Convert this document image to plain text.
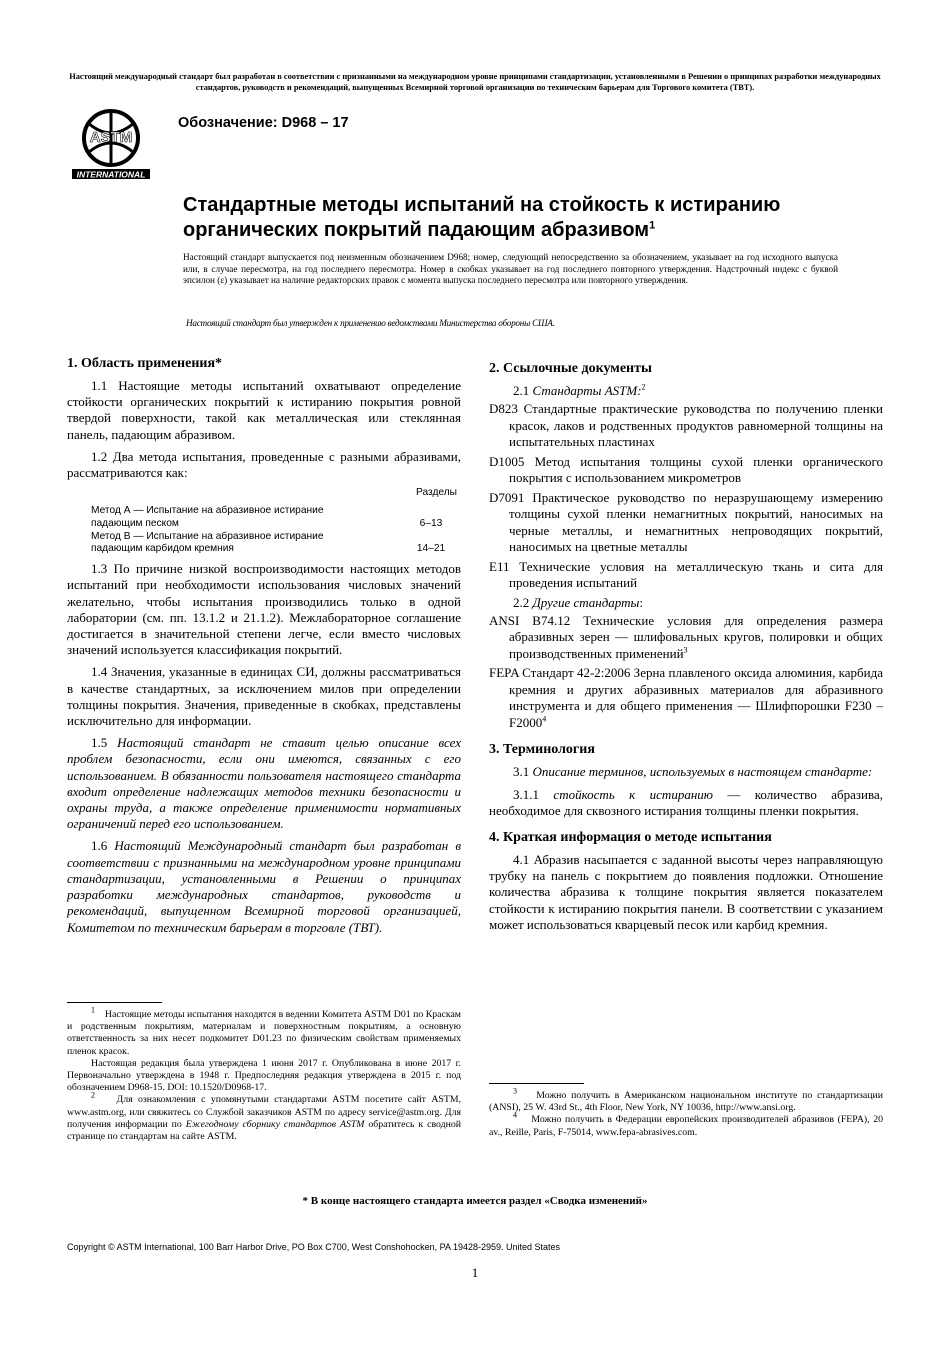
Настоящий международный стандарт был разработан в соответствии с признанными на международном уровне принципами стандартизации, установленными в Решении о принципах разработки международных стандартов, руководств и рекомендаций, выпущенных Всемирной торговой организации по техническим барьерам для Торгового комитета (ТВТ).
ASTM
INTERNATIONAL
Обозначение: D968 – 17
Стандартные методы испытаний на стойкость к истиранию органических покрытий падающим абразивом$^1$
Настоящий стандарт выпускается под неизменным обозначением D968; номер, следующий непосредственно за обозначением, указывает на год исходного выпуска или, в случае пересмотра, на год последнего пересмотра. Номер в скобках указывает на год последнего повторного утверждения. Надстрочный индекс с буквой эпсилон (ε) указывает на наличие редакторских правок с момента выпуска последнего пересмотра или повторного утверждения.
Настоящий стандарт был утвержден к применению ведомствами Министерства обороны США.
1. Область применения*

1.1 Настоящие методы испытаний охватывают определение стойкости органических покрытий к истиранию покрытия ровной твердой поверхности, такой как металлическая или стеклянная панель, падающим абразивом.

1.2 Два метода испытания, проведенные с разными абразивами, рассматриваются как:

Разделы
Метод А — Испытание на абразивное истирание падающим песком	6–13
Метод В — Испытание на абразивное истирание падающим карбидом кремния	14–21

1.3 По причине низкой воспроизводимости настоящих методов испытаний при необходимости использования числовых значений желательно, чтобы испытания производились только в одной лаборатории (см. пп. 13.1.2 и 21.1.2). Межлабораторное соглашение достигается в значительной степени легче, если вместо числовых значений используется классификация покрытий.

1.4 Значения, указанные в единицах СИ, должны рассматриваться в качестве стандартных, за исключением милов при определении толщины покрытия. Значения, приведенные в скобках, представлены исключительно для информации.

1.5 Настоящий стандарт не ставит целью описание всех проблем безопасности, если они имеются, связанных с его использованием. В обязанности пользователя настоящего стандарта входит определение надлежащих методов техники безопасности и охраны труда, а также определение применимости нормативных ограничений перед его использованием.

1.6 Настоящий Международный стандарт был разработан в соответствии с признанными на международном уровне принципами стандартизации, установленными в Решении о принципах разработки международных стандартов, руководств и рекомендаций, выпущенном Всемирной торговой организацией, Комитетом по техническим барьерам в торговле (ТВТ).

$^1$ Настоящие методы испытания находятся в ведении Комитета ASTM D01 по Краскам и родственным покрытиям, материалам и поверхностным покрытиям, а основную ответственность за них несет подкомитет D01.23 по физическим свойствам применяемых пленок красок.

Настоящая редакция была утверждена 1 июня 2017 г. Опубликована в июне 2017 г. Первоначально утверждена в 1948 г. Предпоследняя редакция утверждена в 2015 г. под обозначением D968-15. DOI: 10.1520/D0968-17.

$^2$ Для ознакомления с упомянутыми стандартами ASTM посетите сайт ASTM, www.astm.org, или свяжитесь со Службой заказчиков ASTM по адресу service@astm.org. Для получения информации по Ежегодному сборнику стандартов ASTM обратитесь к сводной странице по стандартам на сайте ASTM.

2. Ссылочные документы

2.1 Стандарты ASTM:$^2$

D823 Стандартные практические руководства по получению пленки красок, лаков и родственных продуктов равномерной толщины на испытательных пластинах

D1005 Метод испытания толщины сухой пленки органического покрытия с использованием микрометров

D7091 Практическое руководство по неразрушающему измерению толщины сухой пленки немагнитных покрытий, наносимых на черные металлы, и немагнитных непроводящих покрытий, наносимых на цветные металлы

E11 Технические условия на металлическую ткань и сита для проведения испытаний

2.2 Другие стандарты:

ANSI B74.12 Технические условия для определения размера абразивных зерен — шлифовальных кругов, полировки и общих производственных применений$^3$

FEPA Стандарт 42-2:2006 Зерна плавленого оксида алюминия, карбида кремния и других абразивных материалов для абразивного инструмента и для общего применения — Шлифпорошки F230 – F2000$^4$

3. Терминология

3.1 Описание терминов, используемых в настоящем стандарте:

3.1.1 стойкость к истиранию — количество абразива, необходимое для сквозного истирания толщины пленки покрытия.

4. Краткая информация о методе испытания

4.1 Абразив насыпается с заданной высоты через направляющую трубку на панель с покрытием до появления подложки. Отношение количества абразива к толщине покрытия является показателем стойкости к истиранию покрытия панели. В соответствии с указанием может использоваться кварцевый песок или карбид кремния.

$^3$ Можно получить в Американском национальном институте по стандартизации (ANSI), 25 W. 43rd St., 4th Floor, New York, NY 10036, http://www.ansi.org.

$^4$ Можно получить в Федерации европейских производителей абразивов (FEPA), 20 av., Reille, Paris, F-75014, www.fepa-abrasives.com.

* В конце настоящего стандарта имеется раздел «Сводка изменений»
Copyright © ASTM International, 100 Barr Harbor Drive, PO Box C700, West Conshohocken, PA 19428-2959. United States
1
